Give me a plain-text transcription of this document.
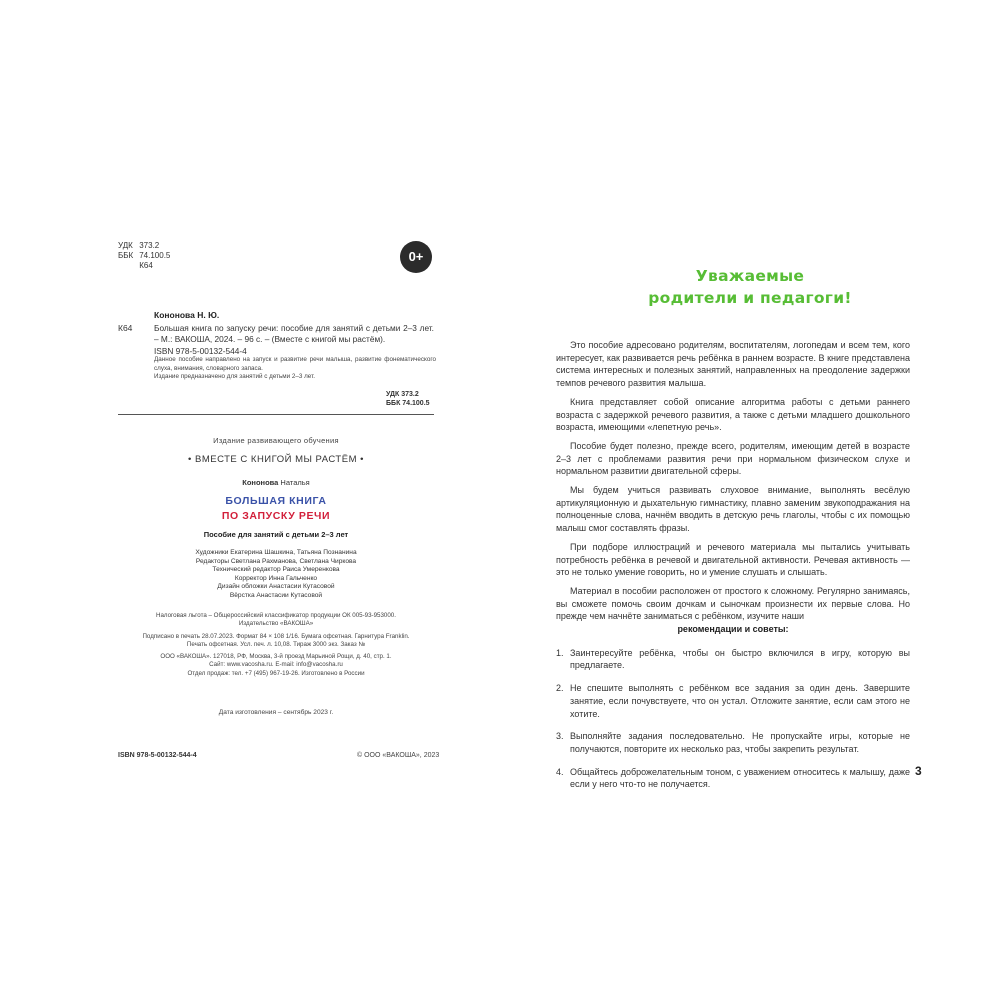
УДК 373.2
ББК 74.100.5
К64
0+
Кононова Н. Ю.
К64	Большая книга по запуску речи: пособие для занятий с детьми 2–3 лет. – М.: ВАКОША, 2024. – 96 с. – (Вместе с книгой мы растём).
ISBN 978-5-00132-544-4
Данное пособие направлено на запуск и развитие речи малыша, развитие фонематического слуха, внимания, словарного запаса.
Издание предназначено для занятий с детьми 2–3 лет.
УДК 373.2
ББК 74.100.5
Издание развивающего обучения
• ВМЕСТЕ С КНИГОЙ МЫ РАСТЁМ •
Кононова Наталья
БОЛЬШАЯ КНИГА
ПО ЗАПУСКУ РЕЧИ
Пособие для занятий с детьми 2–3 лет
Художники Екатерина Шашкина, Татьяна Познанина
Редакторы Светлана Рахманова, Светлана Чиркова
Технический редактор Раиса Умеренкова
Корректор Инна Гальченко
Дизайн обложки Анастасии Кутасовой
Вёрстка Анастасии Кутасовой
Налоговая льгота – Общероссийский классификатор продукции ОК 005-93-953000.
Издательство «ВАКОША»
Подписано в печать 28.07.2023. Формат 84 × 108 1/16. Бумага офсетная. Гарнитура Franklin.
Печать офсетная. Усл. печ. л. 10,08. Тираж 3000 экз. Заказ №
ООО «ВАКОША». 127018, РФ, Москва, 3-й проезд Марьиной Рощи, д. 40, стр. 1.
Сайт: www.vacosha.ru. E-mail: info@vacosha.ru
Отдел продаж: тел. +7 (495) 967-19-26. Изготовлено в России
Дата изготовления – сентябрь 2023 г.
ISBN 978-5-00132-544-4	© ООО «ВАКОША», 2023
Уважаемые
родители и педагоги!

Это пособие адресовано родителям, воспитателям, логопедам и всем тем, кого интересует, как развивается речь ребёнка в раннем возрасте. В книге представлена система интересных и полезных занятий, направленных на преодоление задержки темпов речевого развития малыша.

Книга представляет собой описание алгоритма работы с детьми раннего возраста с задержкой речевого развития, а также с детьми младшего дошкольного возраста, имеющими «лепетную речь».

Пособие будет полезно, прежде всего, родителям, имеющим детей в возрасте 2–3 лет с проблемами развития речи при нормальном физическом слухе и нормальном развитии двигательной сферы.

Мы будем учиться развивать слуховое внимание, выполнять весёлую артикуляционную и дыхательную гимнастику, плавно заменим звукоподражания на полноценные слова, начнём вводить в детскую речь глаголы, чтобы с их помощью малыш смог составлять фразы.

При подборе иллюстраций и речевого материала мы пытались учитывать потребность ребёнка в речевой и двигательной активности. Речевая активность — это не только умение говорить, но и умение слушать и слышать.

Материал в пособии расположен от простого к сложному. Регулярно занимаясь, вы сможете помочь своим дочкам и сыночкам произнести их первые слова. Но прежде чем начнёте заниматься с ребёнком, изучите наши

рекомендации и советы:
1. Заинтересуйте ребёнка, чтобы он быстро включился в игру, которую вы предлагаете.
2. Не спешите выполнять с ребёнком все задания за один день. Завершите занятие, если почувствуете, что он устал. Отложите занятие, если сам этого не хотите.
3. Выполняйте задания последовательно. Не пропускайте игры, которые не получаются, повторите их несколько раз, чтобы закрепить результат.
4. Общайтесь доброжелательным тоном, с уважением относитесь к малышу, даже если у него что-то не получается.
3
